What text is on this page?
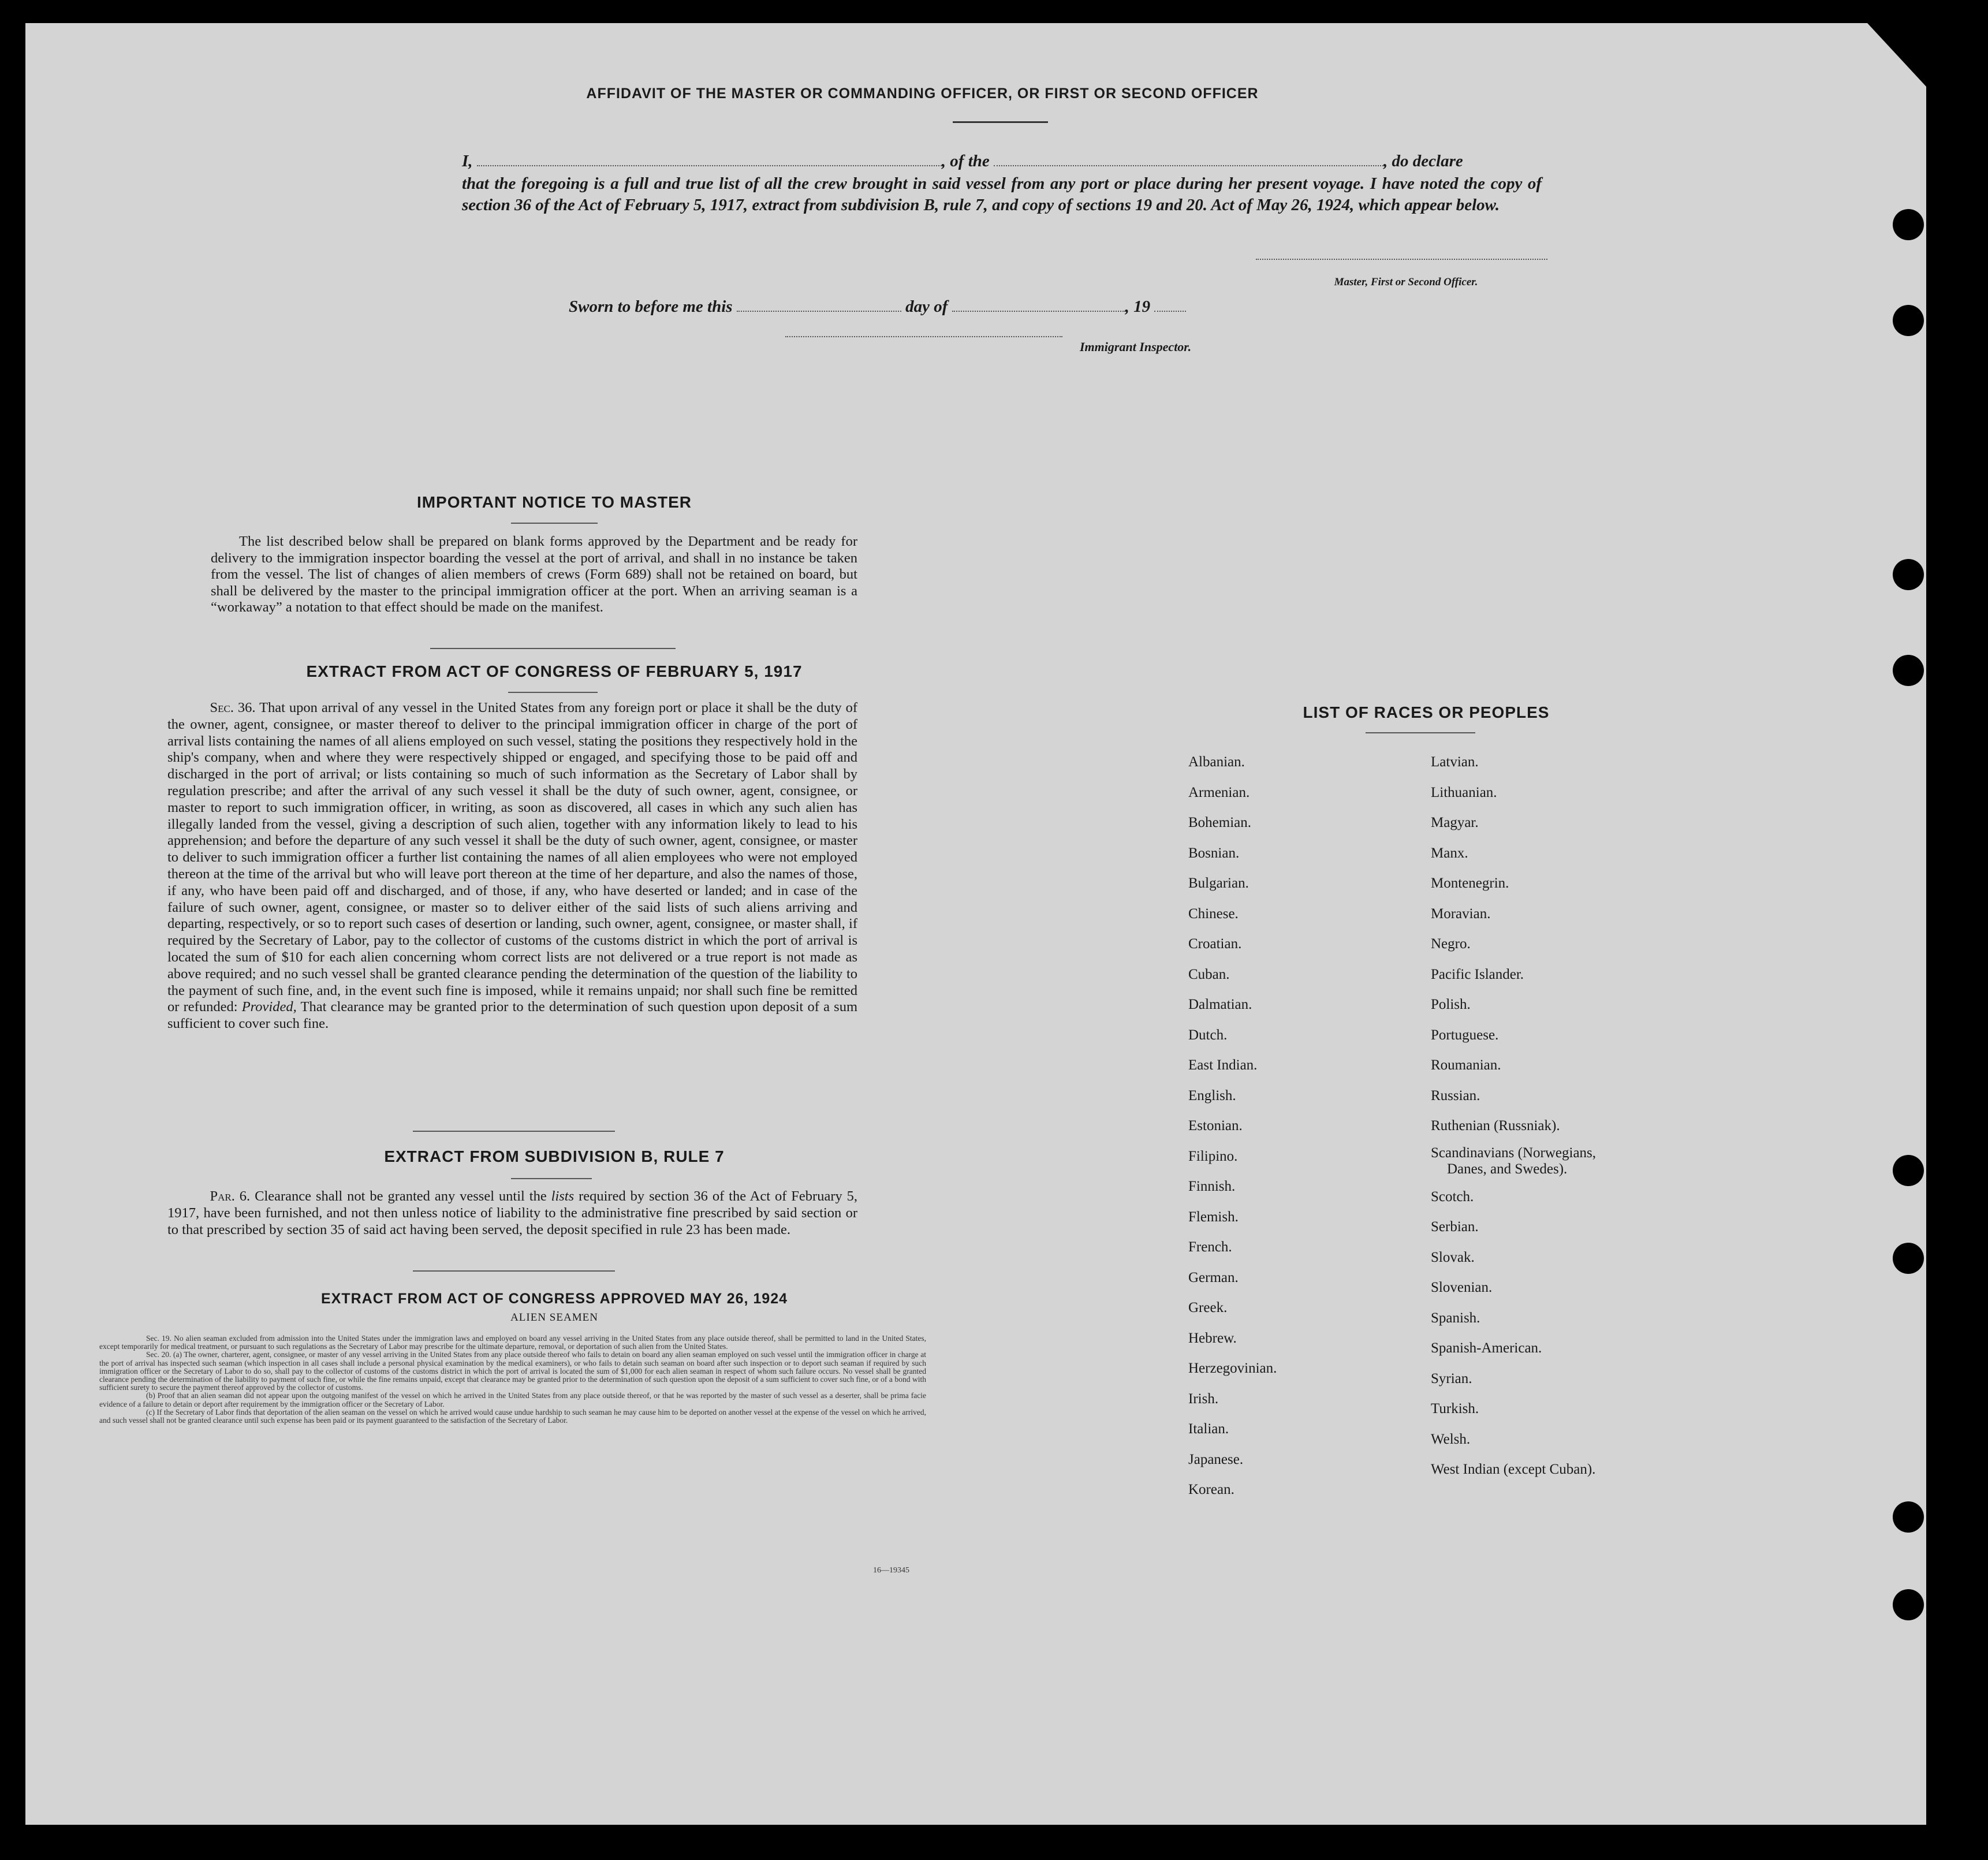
AFFIDAVIT OF THE MASTER OR COMMANDING OFFICER, OR FIRST OR SECOND OFFICER
I,	, of the	, do declare
that the foregoing is a full and true list of all the crew brought in said vessel from any port or place during her present voyage. I have noted the copy of section 36 of the Act of February 5, 1917, extract from subdivision B, rule 7, and copy of sections 19 and 20. Act of May 26, 1924, which appear below.
Master, First or Second Officer.
Sworn to before me this	day of	, 19
Immigrant Inspector.
IMPORTANT NOTICE TO MASTER
The list described below shall be prepared on blank forms approved by the Department and be ready for delivery to the immigration inspector boarding the vessel at the port of arrival, and shall in no instance be taken from the vessel. The list of changes of alien members of crews (Form 689) shall not be retained on board, but shall be delivered by the master to the principal immigration officer at the port. When an arriving seaman is a “workaway” a notation to that effect should be made on the manifest.
EXTRACT FROM ACT OF CONGRESS OF FEBRUARY 5, 1917
Sec. 36. That upon arrival of any vessel in the United States from any foreign port or place it shall be the duty of the owner, agent, consignee, or master thereof to deliver to the principal immigration officer in charge of the port of arrival lists containing the names of all aliens employed on such vessel, stating the positions they respectively hold in the ship's company, when and where they were respectively shipped or engaged, and specifying those to be paid off and discharged in the port of arrival; or lists containing so much of such information as the Secretary of Labor shall by regulation prescribe; and after the arrival of any such vessel it shall be the duty of such owner, agent, consignee, or master to report to such immigration officer, in writing, as soon as discovered, all cases in which any such alien has illegally landed from the vessel, giving a description of such alien, together with any information likely to lead to his apprehension; and before the departure of any such vessel it shall be the duty of such owner, agent, consignee, or master to deliver to such immigration officer a further list containing the names of all alien employees who were not employed thereon at the time of the arrival but who will leave port thereon at the time of her departure, and also the names of those, if any, who have been paid off and discharged, and of those, if any, who have deserted or landed; and in case of the failure of such owner, agent, consignee, or master so to deliver either of the said lists of such aliens arriving and departing, respectively, or so to report such cases of desertion or landing, such owner, agent, consignee, or master shall, if required by the Secretary of Labor, pay to the collector of customs of the customs district in which the port of arrival is located the sum of $10 for each alien concerning whom correct lists are not delivered or a true report is not made as above required; and no such vessel shall be granted clearance pending the determination of the question of the liability to the payment of such fine, and, in the event such fine is imposed, while it remains unpaid; nor shall such fine be remitted or refunded: Provided, That clearance may be granted prior to the determination of such question upon deposit of a sum sufficient to cover such fine.
EXTRACT FROM SUBDIVISION B, RULE 7
Par. 6. Clearance shall not be granted any vessel until the lists required by section 36 of the Act of February 5, 1917, have been furnished, and not then unless notice of liability to the administrative fine prescribed by said section or to that prescribed by section 35 of said act having been served, the deposit specified in rule 23 has been made.
EXTRACT FROM ACT OF CONGRESS APPROVED MAY 26, 1924
ALIEN SEAMEN
Sec. 19. No alien seaman excluded from admission into the United States under the immigration laws and employed on board any vessel arriving in the United States from any place outside thereof, shall be permitted to land in the United States, except temporarily for medical treatment, or pursuant to such regulations as the Secretary of Labor may prescribe for the ultimate departure, removal, or deportation of such alien from the United States.
Sec. 20. (a) The owner, charterer, agent, consignee, or master of any vessel arriving in the United States from any place outside thereof who fails to detain on board any alien seaman employed on such vessel until the immigration officer in charge at the port of arrival has inspected such seaman (which inspection in all cases shall include a personal physical examination by the medical examiners), or who fails to detain such seaman on board after such inspection or to deport such seaman if required by such immigration officer or the Secretary of Labor to do so, shall pay to the collector of customs of the customs district in which the port of arrival is located the sum of $1,000 for each alien seaman in respect of whom such failure occurs. No vessel shall be granted clearance pending the determination of the liability to payment of such fine, or while the fine remains unpaid, except that clearance may be granted prior to the determination of such question upon the deposit of a sum sufficient to cover such fine, or of a bond with sufficient surety to secure the payment thereof approved by the collector of customs.
(b) Proof that an alien seaman did not appear upon the outgoing manifest of the vessel on which he arrived in the United States from any place outside thereof, or that he was reported by the master of such vessel as a deserter, shall be prima facie evidence of a failure to detain or deport after requirement by the immigration officer or the Secretary of Labor.
(c) If the Secretary of Labor finds that deportation of the alien seaman on the vessel on which he arrived would cause undue hardship to such seaman he may cause him to be deported on another vessel at the expense of the vessel on which he arrived, and such vessel shall not be granted clearance until such expense has been paid or its payment guaranteed to the satisfaction of the Secretary of Labor.
16—19345
LIST OF RACES OR PEOPLES
Albanian.
Armenian.
Bohemian.
Bosnian.
Bulgarian.
Chinese.
Croatian.
Cuban.
Dalmatian.
Dutch.
East Indian.
English.
Estonian.
Filipino.
Finnish.
Flemish.
French.
German.
Greek.
Hebrew.
Herzegovinian.
Irish.
Italian.
Japanese.
Korean.
Latvian.
Lithuanian.
Magyar.
Manx.
Montenegrin.
Moravian.
Negro.
Pacific Islander.
Polish.
Portuguese.
Roumanian.
Russian.
Ruthenian (Russniak).
Scandinavians (Norwegians,
Danes, and Swedes).
Scotch.
Serbian.
Slovak.
Slovenian.
Spanish.
Spanish-American.
Syrian.
Turkish.
Welsh.
West Indian (except Cuban).
